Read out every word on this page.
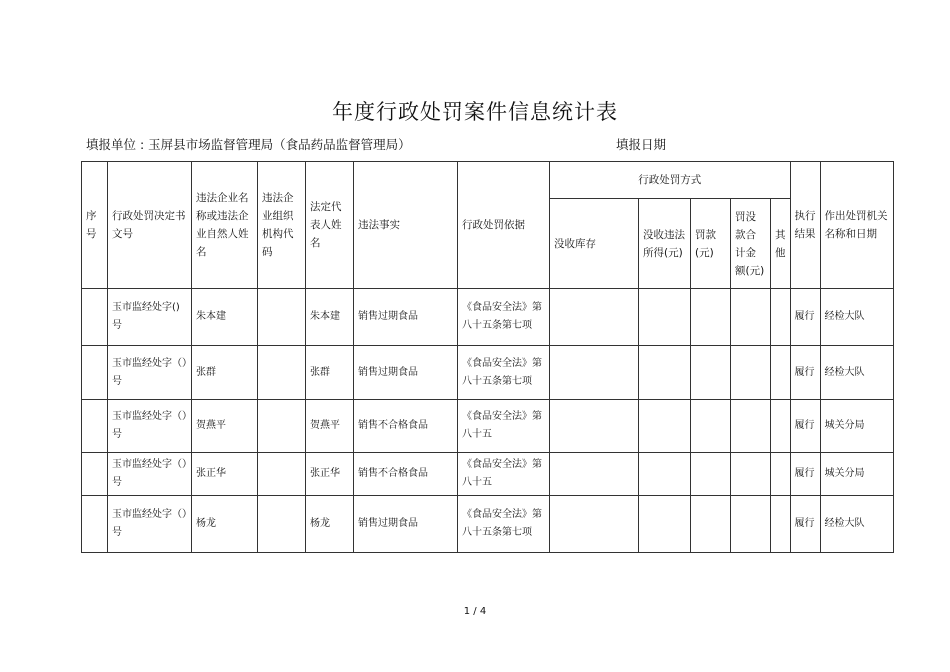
年度行政处罚案件信息统计表
填报单位 : 玉屏县市场监督管理局（食品药品监督管理局）	填报日期
序号	行政处罚决定书文号	违法企业名称或违法企业自然人姓名	违法企业组织机构代码	法定代表人姓名	违法事实	行政处罚依据	行政处罚方式					执行结果	作出处罚机关名称和日期
							没收库存	没收违法所得(元)	罚款(元)	罚没款合计金额(元)	其他		
	玉市监经处字()号	朱本建		朱本建	销售过期食品	《食品安全法》第八十五条第七项						履行	经检大队
	玉市监经处字（）号	张群		张群	销售过期食品	《食品安全法》第八十五条第七项						履行	经检大队
	玉市监经处字（）号	贺燕平		贺燕平	销售不合格食品	《食品安全法》第八十五						履行	城关分局
	玉市监经处字（）号	张正华		张正华	销售不合格食品	《食品安全法》第八十五						履行	城关分局
	玉市监经处字（）号	杨龙		杨龙	销售过期食品	《食品安全法》第八十五条第七项						履行	经检大队
1 / 4
